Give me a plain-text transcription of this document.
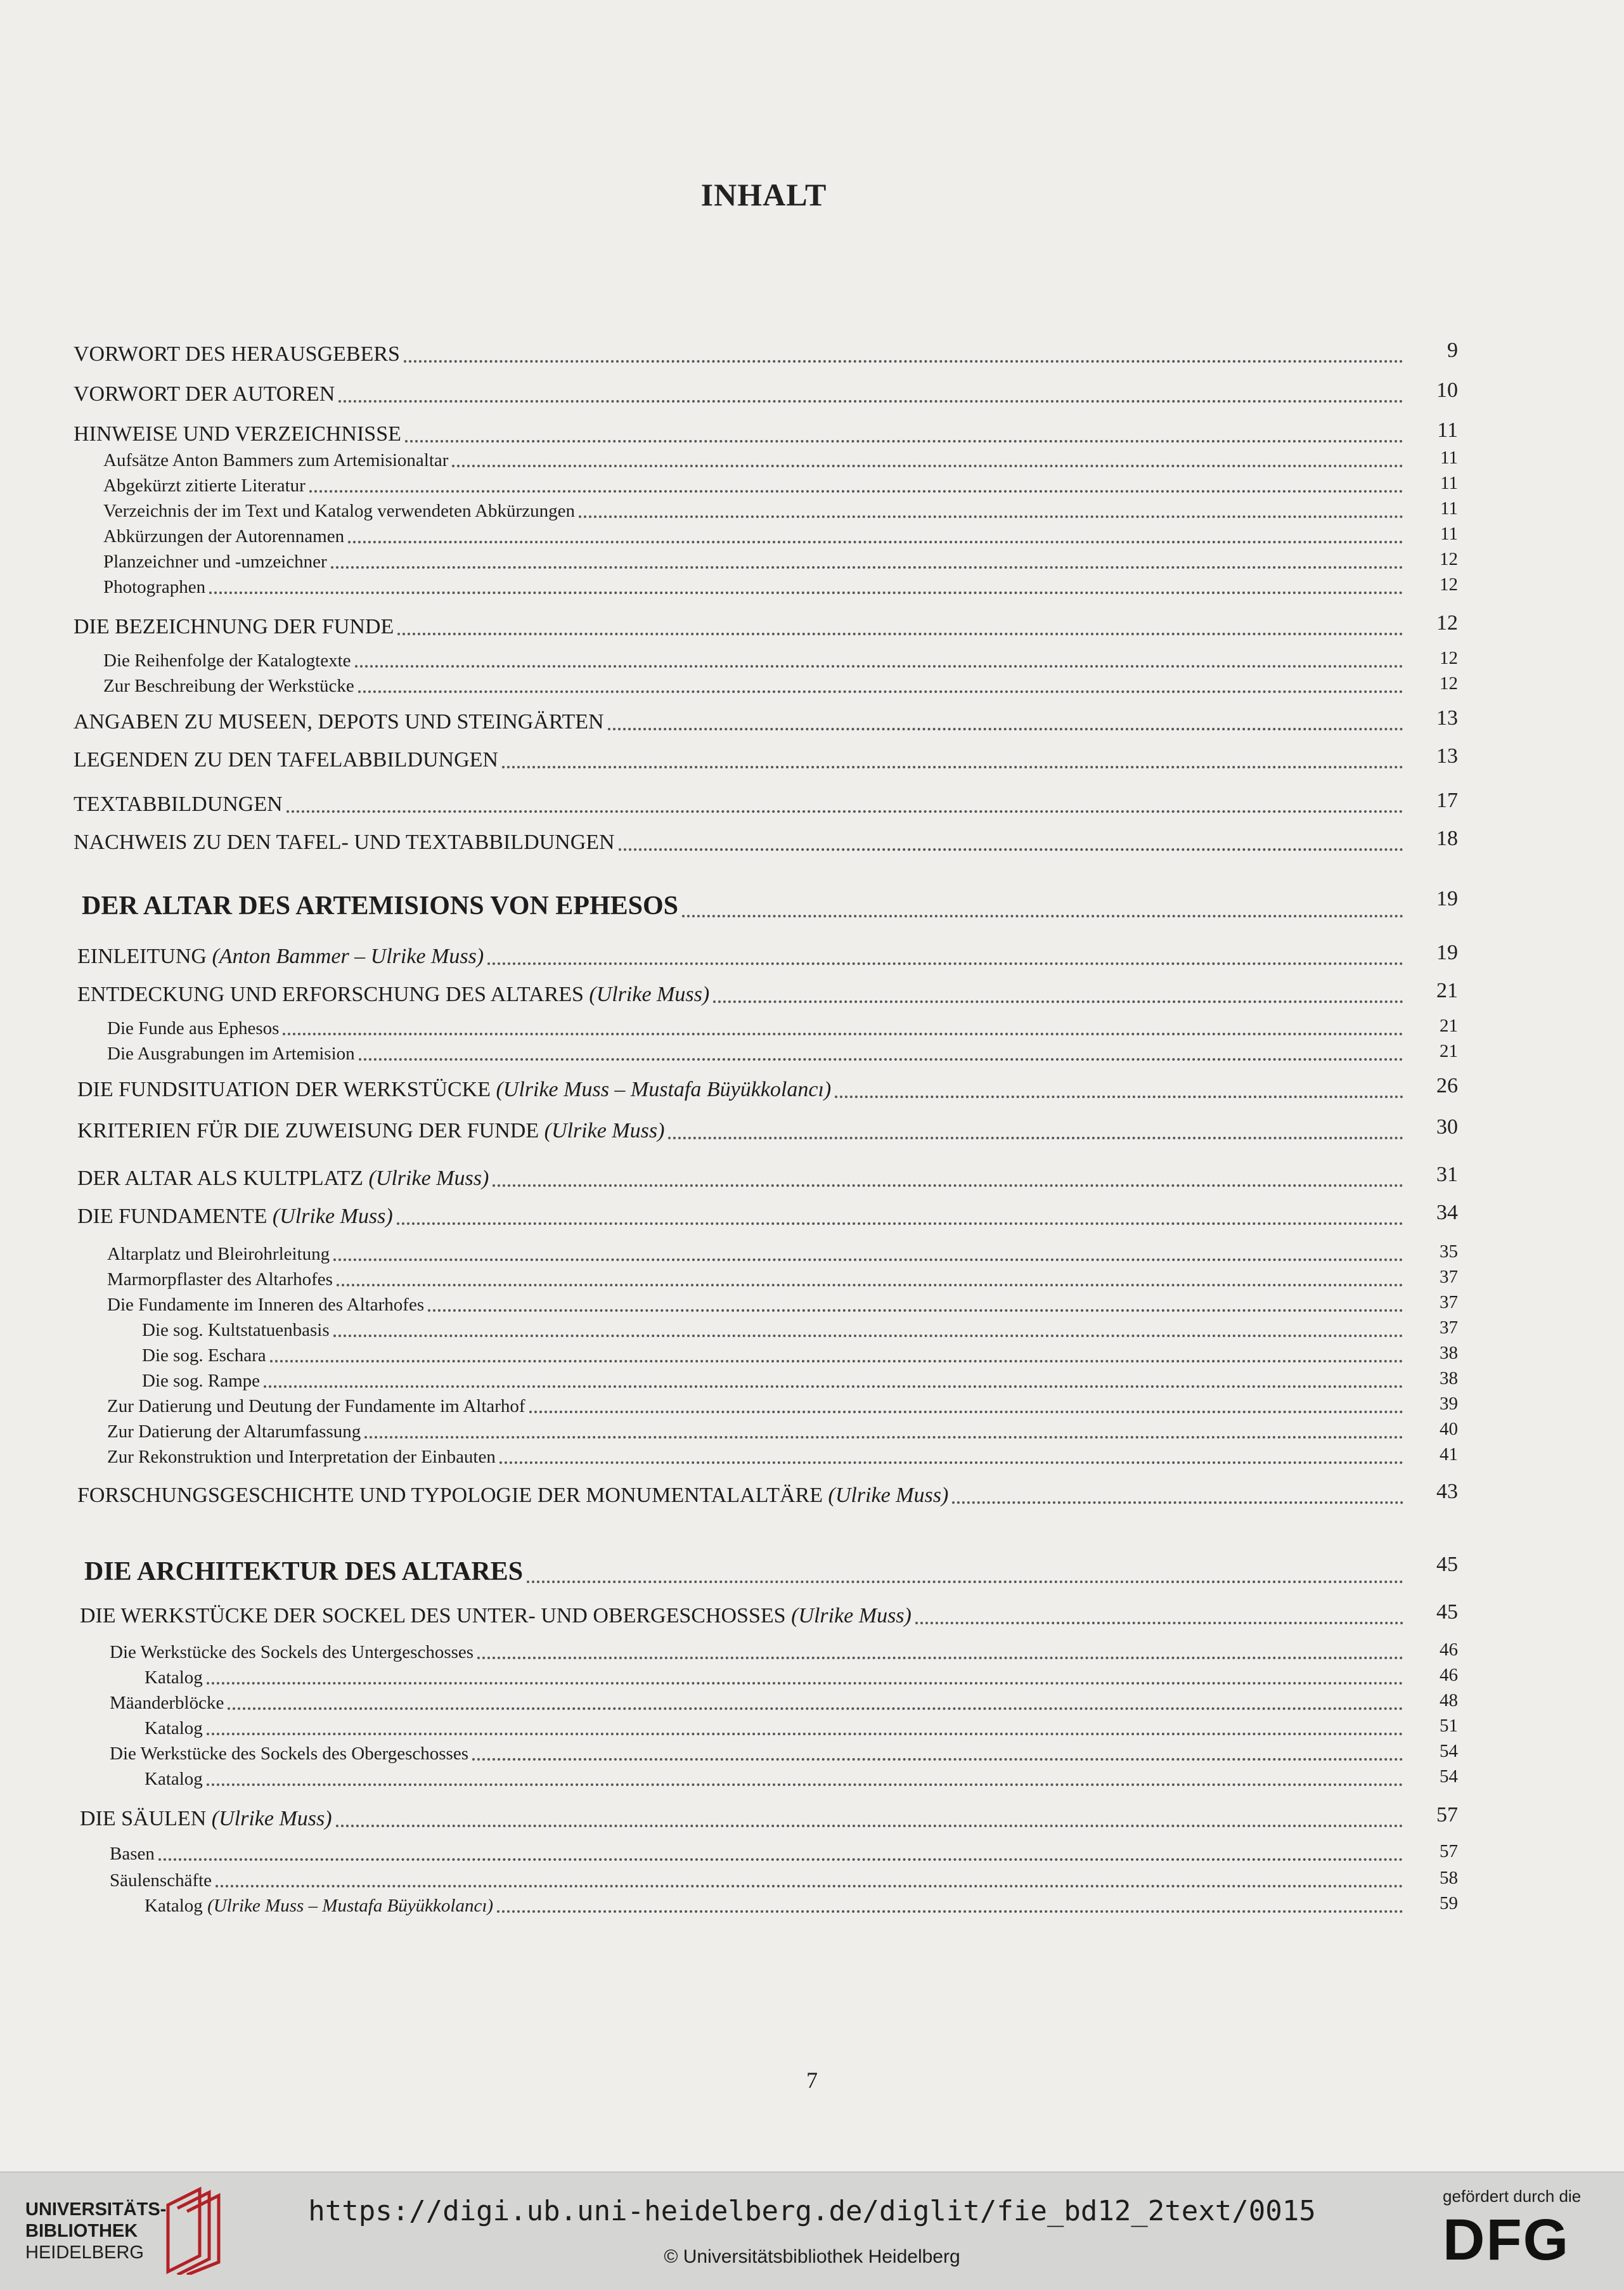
INHALT
VORWORT DES HERAUSGEBERS	9
VORWORT DER AUTOREN	10
HINWEISE UND VERZEICHNISSE	11
Aufsätze Anton Bammers zum Artemisionaltar	11
Abgekürzt zitierte Literatur	11
Verzeichnis der im Text und Katalog verwendeten Abkürzungen	11
Abkürzungen der Autorennamen	11
Planzeichner und -umzeichner	12
Photographen	12
DIE BEZEICHNUNG DER FUNDE	12
Die Reihenfolge der Katalogtexte	12
Zur Beschreibung der Werkstücke	12
ANGABEN ZU MUSEEN, DEPOTS UND STEINGÄRTEN	13
LEGENDEN ZU DEN TAFELABBILDUNGEN	13
TEXTABBILDUNGEN	17
NACHWEIS ZU DEN TAFEL- UND TEXTABBILDUNGEN	18
DER ALTAR DES ARTEMISIONS VON EPHESOS	19
EINLEITUNG (Anton Bammer – Ulrike Muss)	19
ENTDECKUNG UND ERFORSCHUNG DES ALTARES (Ulrike Muss)	21
Die Funde aus Ephesos	21
Die Ausgrabungen im Artemision	21
DIE FUNDSITUATION DER WERKSTÜCKE (Ulrike Muss – Mustafa Büyükkolancı)	26
KRITERIEN FÜR DIE ZUWEISUNG DER FUNDE (Ulrike Muss)	30
DER ALTAR ALS KULTPLATZ (Ulrike Muss)	31
DIE FUNDAMENTE (Ulrike Muss)	34
Altarplatz und Bleirohrleitung	35
Marmorpflaster des Altarhofes	37
Die Fundamente im Inneren des Altarhofes	37
Die sog. Kultstatuenbasis	37
Die sog. Eschara	38
Die sog. Rampe	38
Zur Datierung und Deutung der Fundamente im Altarhof	39
Zur Datierung der Altarumfassung	40
Zur Rekonstruktion und Interpretation der Einbauten	41
FORSCHUNGSGESCHICHTE UND TYPOLOGIE DER MONUMENTALALTÄRE (Ulrike Muss)	43
DIE ARCHITEKTUR DES ALTARES	45
DIE WERKSTÜCKE DER SOCKEL DES UNTER- UND OBERGESCHOSSES (Ulrike Muss)	45
Die Werkstücke des Sockels des Untergeschosses	46
Katalog	46
Mäanderblöcke	48
Katalog	51
Die Werkstücke des Sockels des Obergeschosses	54
Katalog	54
DIE SÄULEN (Ulrike Muss)	57
Basen	57
Säulenschäfte	58
Katalog (Ulrike Muss – Mustafa Büyükkolancı)	59
7
UNIVERSITÄTS-
BIBLIOTHEK
HEIDELBERG
https://digi.ub.uni-heidelberg.de/diglit/fie_bd12_2text/0015
© Universitätsbibliothek Heidelberg
gefördert durch die
DFG
